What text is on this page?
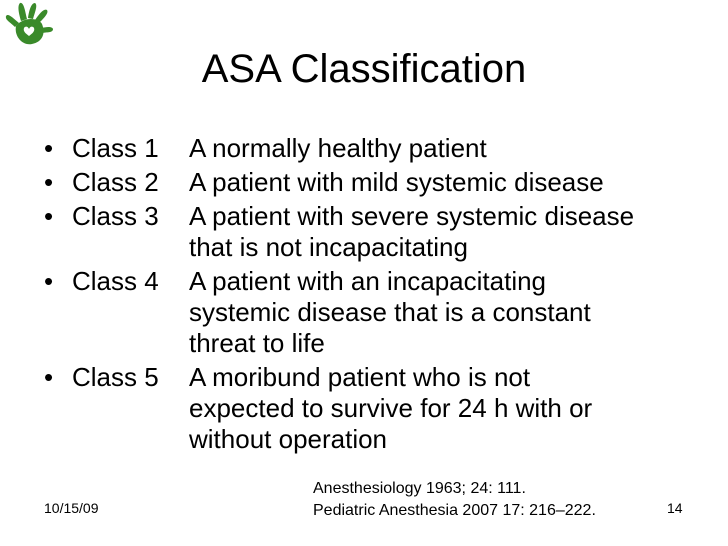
ASA Classification
• Class 1	A normally healthy patient
• Class 2	A patient with mild systemic disease
• Class 3	A patient with severe systemic disease
that is not incapacitating
• Class 4	A patient with an incapacitating
systemic disease that is a constant
threat to life
• Class 5	A moribund patient who is not
expected to survive for 24 h with or
without operation
10/15/09
Anesthesiology 1963; 24: 111.
Pediatric Anesthesia 2007 17: 216–222.	14
